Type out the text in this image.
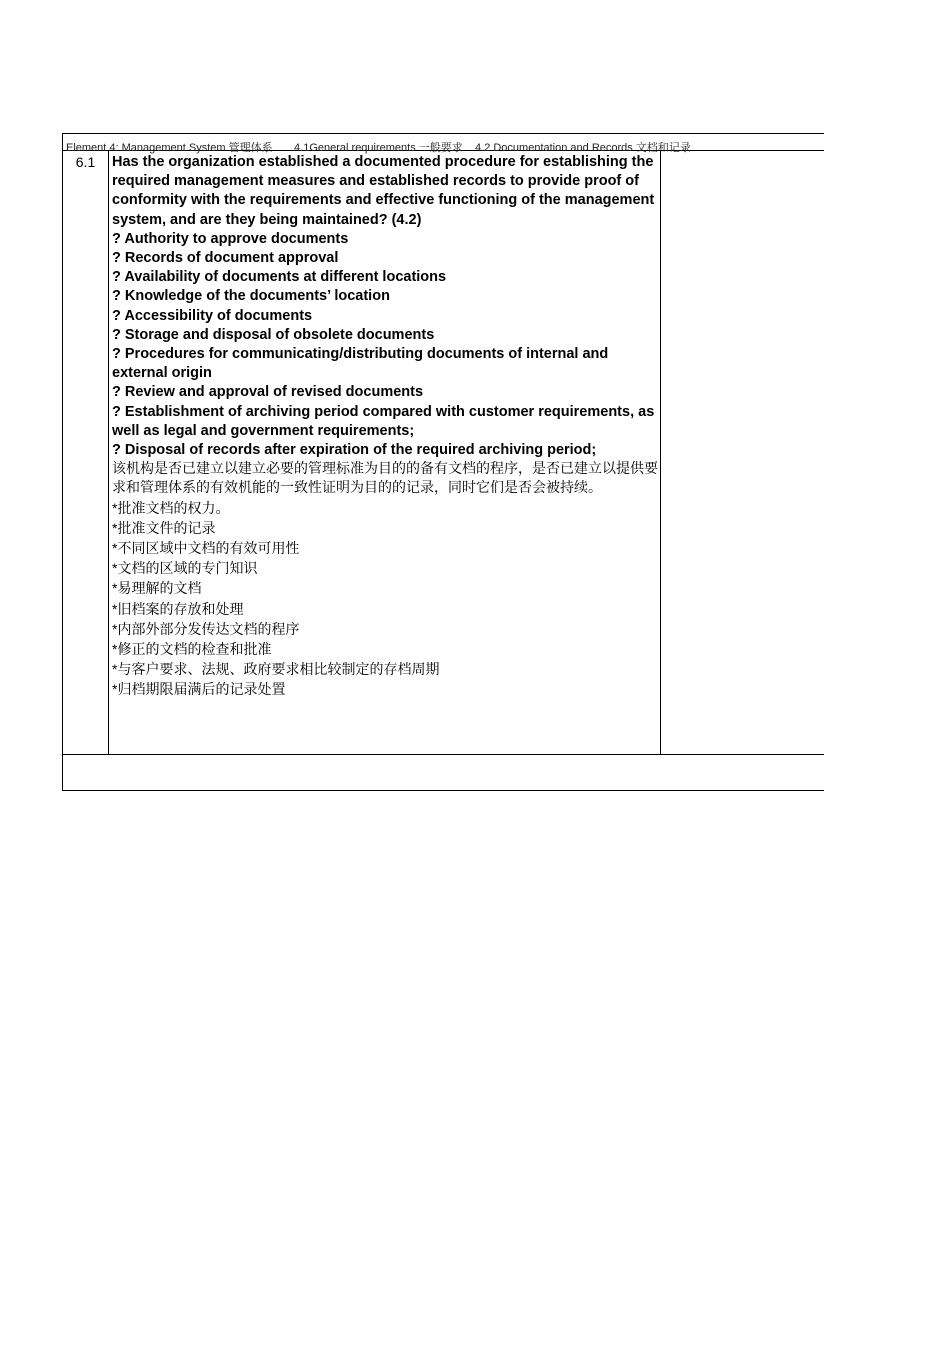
Element 4: Management System 管理体系 4.1General requirements 一般要求 4.2 Documentation and Records 文档和记录
6.1	Has the organization established a documented procedure for establishing the required management measures and established records to provide proof of conformity with the requirements and effective functioning of the management system, and are they being maintained? (4.2)

? Authority to approve documents

? Records of document approval

? Availability of documents at different locations

? Knowledge of the documents’ location

? Accessibility of documents

? Storage and disposal of obsolete documents

? Procedures for communicating/distributing documents of internal and external origin

? Review and approval of revised documents

? Establishment of archiving period compared with customer requirements, as well as legal and government requirements;

? Disposal of records after expiration of the required archiving period;

该机构是否已建立以建立必要的管理标准为目的的备有文档的程序，是否已建立以提供要求和管理体系的有效机能的一致性证明为目的的记录，同时它们是否会被持续。

*批准文档的权力。

*批准文件的记录

*不同区域中文档的有效可用性

*文档的区域的专门知识

*易理解的文档

*旧档案的存放和处理

*内部外部分发传达文档的程序

*修正的文档的检查和批准

*与客户要求、法规、政府要求相比较制定的存档周期

*归档期限届满后的记录处置
